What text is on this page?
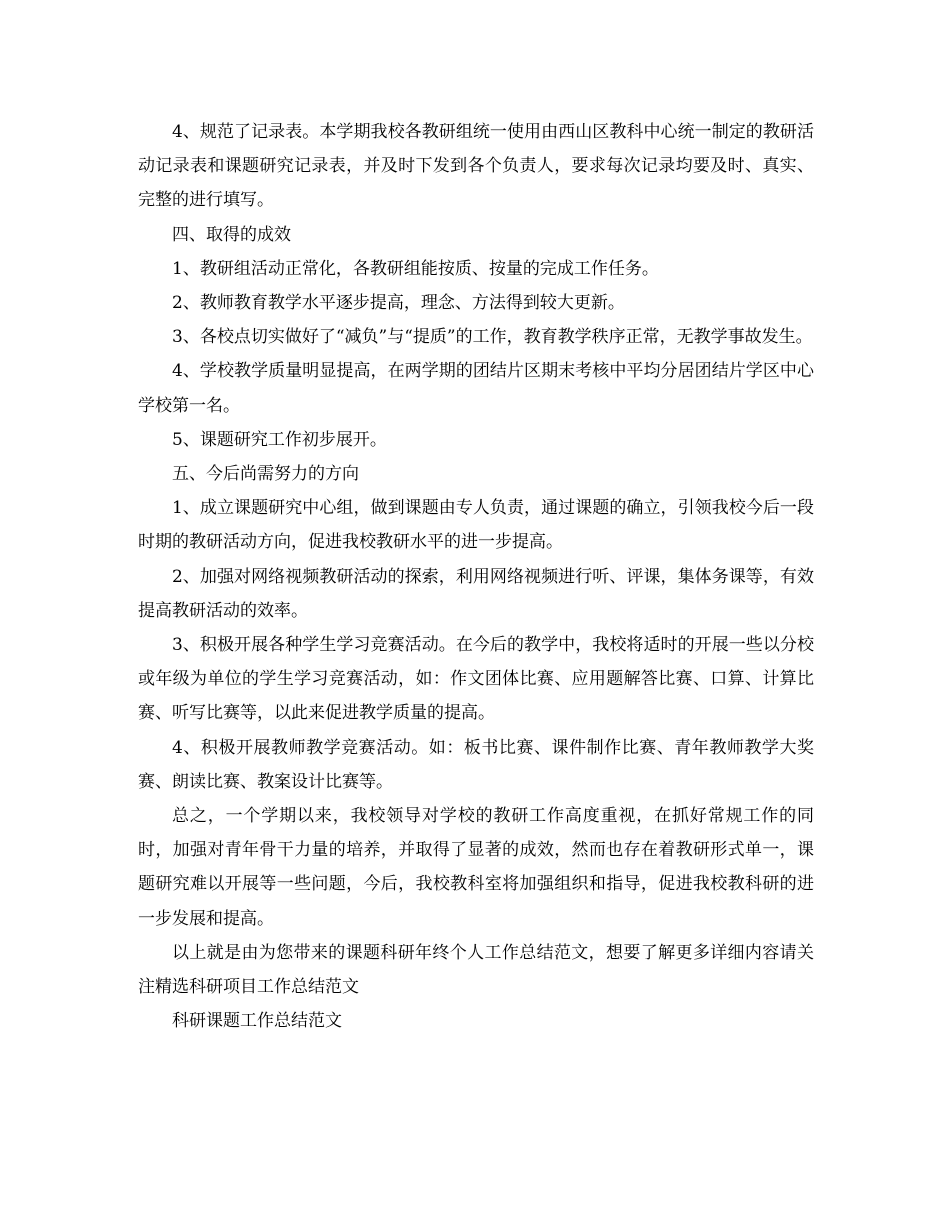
4、规范了记录表。本学期我校各教研组统一使用由西山区教科中心统一制定的教研活动记录表和课题研究记录表，并及时下发到各个负责人，要求每次记录均要及时、真实、完整的进行填写。

四、取得的成效

1、教研组活动正常化，各教研组能按质、按量的完成工作任务。

2、教师教育教学水平逐步提高，理念、方法得到较大更新。

3、各校点切实做好了“减负”与“提质”的工作，教育教学秩序正常，无教学事故发生。

4、学校教学质量明显提高，在两学期的团结片区期末考核中平均分居团结片学区中心学校第一名。

5、课题研究工作初步展开。

五、今后尚需努力的方向

1、成立课题研究中心组，做到课题由专人负责，通过课题的确立，引领我校今后一段时期的教研活动方向，促进我校教研水平的进一步提高。

2、加强对网络视频教研活动的探索，利用网络视频进行听、评课，集体务课等，有效提高教研活动的效率。

3、积极开展各种学生学习竞赛活动。在今后的教学中，我校将适时的开展一些以分校或年级为单位的学生学习竞赛活动，如：作文团体比赛、应用题解答比赛、口算、计算比赛、听写比赛等，以此来促进教学质量的提高。

4、积极开展教师教学竞赛活动。如：板书比赛、课件制作比赛、青年教师教学大奖赛、朗读比赛、教案设计比赛等。

总之，一个学期以来，我校领导对学校的教研工作高度重视，在抓好常规工作的同时，加强对青年骨干力量的培养，并取得了显著的成效，然而也存在着教研形式单一，课题研究难以开展等一些问题，今后，我校教科室将加强组织和指导，促进我校教科研的进一步发展和提高。

以上就是由为您带来的课题科研年终个人工作总结范文，想要了解更多详细内容请关注精选科研项目工作总结范文

科研课题工作总结范文
